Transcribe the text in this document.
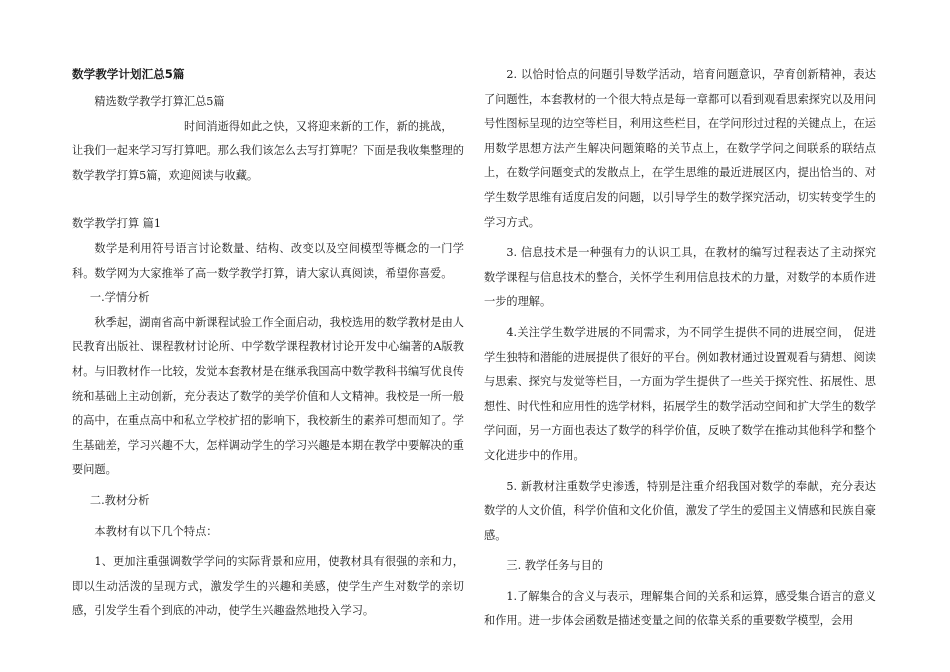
数学教学计划汇总5篇

精选数学教学打算汇总5篇

时间消逝得如此之快，又将迎来新的工作，新的挑战，

让我们一起来学习写打算吧。那么我们该怎么去写打算呢？下面是我收集整理的数学教学打算5篇，欢迎阅读与收藏。

数学教学打算 篇1

数学是利用符号语言讨论数量、结构、改变以及空间模型等概念的一门学科。数学网为大家推举了高一数学教学打算，请大家认真阅读，希望你喜爱。

一.学情分析

秋季起，湖南省高中新课程试验工作全面启动，我校选用的数学教材是由人民教育出版社、课程教材讨论所、中学数学课程教材讨论开发中心编著的A版教材。与旧教材作一比较，发觉本套教材是在继承我国高中数学教科书编写优良传统和基础上主动创新，充分表达了数学的美学价值和人文精神。我校是一所一般的高中，在重点高中和私立学校扩招的影响下，我校新生的素养可想而知了。学生基础差，学习兴趣不大，怎样调动学生的学习兴趣是本期在教学中要解决的重要问题。

二.教材分析

本教材有以下几个特点：

1、更加注重强调数学学问的实际背景和应用，使教材具有很强的亲和力，即以生动活泼的呈现方式，激发学生的兴趣和美感，使学生产生对数学的亲切感，引发学生看个到底的冲动，使学生兴趣盎然地投入学习。

2. 以恰时恰点的问题引导数学活动，培育问题意识，孕育创新精神，表达了问题性，本套教材的一个很大特点是每一章都可以看到观看思索探究以及用问号性图标呈现的边空等栏目，利用这些栏目，在学问形过过程的关键点上，在运用数学思想方法产生解决问题策略的关节点上，在数学学问之间联系的联结点上，在数学问题变式的发散点上，在学生思维的最近进展区内，提出恰当的、对学生数学思维有适度启发的问题，以引导学生的数学探究活动，切实转变学生的学习方式。

3. 信息技术是一种强有力的认识工具，在教材的编写过程表达了主动探究数学课程与信息技术的整合，关怀学生利用信息技术的力量，对数学的本质作进一步的理解。

4.关注学生数学进展的不同需求，为不同学生提供不同的进展空间， 促进学生独特和潜能的进展提供了很好的平台。例如教材通过设置观看与猜想、阅读与思索、探究与发觉等栏目，一方面为学生提供了一些关于探究性、拓展性、思想性、时代性和应用性的选学材料，拓展学生的数学活动空间和扩大学生的数学学问面，另一方面也表达了数学的科学价值，反映了数学在推动其他科学和整个文化进步中的作用。

5. 新教材注重数学史渗透，特别是注重介绍我国对数学的奉献，充分表达数学的人文价值，科学价值和文化价值，激发了学生的爱国主义情感和民族自豪感。

三. 教学任务与目的

1.了解集合的含义与表示，理解集合间的关系和运算，感受集合语言的意义和作用。进一步体会函数是描述变量之间的依靠关系的重要数学模型，会用
